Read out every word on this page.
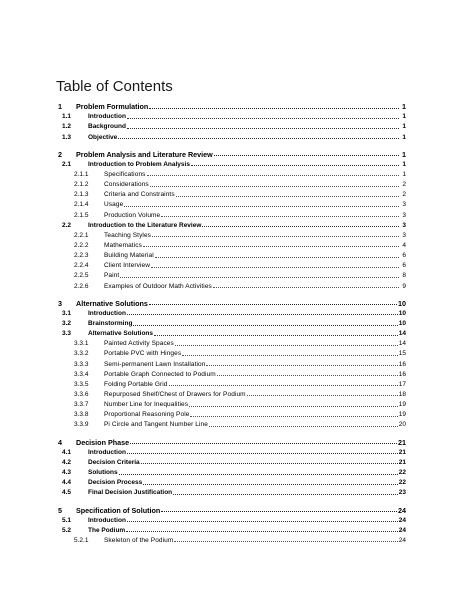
Table of Contents
1	Problem Formulation	1
1.1	Introduction	1
1.2	Background	1
1.3	Objective	1
2	Problem Analysis and Literature Review	1
2.1	Introduction to Problem Analysis	1
2.1.1	Specifications	1
2.1.2	Considerations	2
2.1.3	Criteria and Constraints	2
2.1.4	Usage	3
2.1.5	Production Volume	3
2.2	Introduction to the Literature Review	3
2.2.1	Teaching Styles	3
2.2.2	Mathematics	4
2.2.3	Building Material	6
2.2.4	Client Interview	6
2.2.5	Paint	8
2.2.6	Examples of Outdoor Math Activities	9
3	Alternative Solutions	10
3.1	Introduction	10
3.2	Brainstorming	10
3.3	Alternative Solutions	14
3.3.1	Painted Activity Spaces	14
3.3.2	Portable PVC with Hinges	15
3.3.3	Semi-permanent Lawn Installation	16
3.3.4	Portable Graph Connected to Podium	16
3.3.5	Folding Portable Grid	17
3.3.6	Repurposed Shelf/Chest of Drawers for Podium	18
3.3.7	Number Line for Inequalities	19
3.3.8	Proportional Reasoning Pole	19
3.3.9	Pi Circle and Tangent Number Line	20
4	Decision Phase	21
4.1	Introduction	21
4.2	Decision Criteria	21
4.3	Solutions	22
4.4	Decision Process	22
4.5	Final Decision Justification	23
5	Specification of Solution	24
5.1	Introduction	24
5.2	The Podium	24
5.2.1	Skeleton of the Podium	24
